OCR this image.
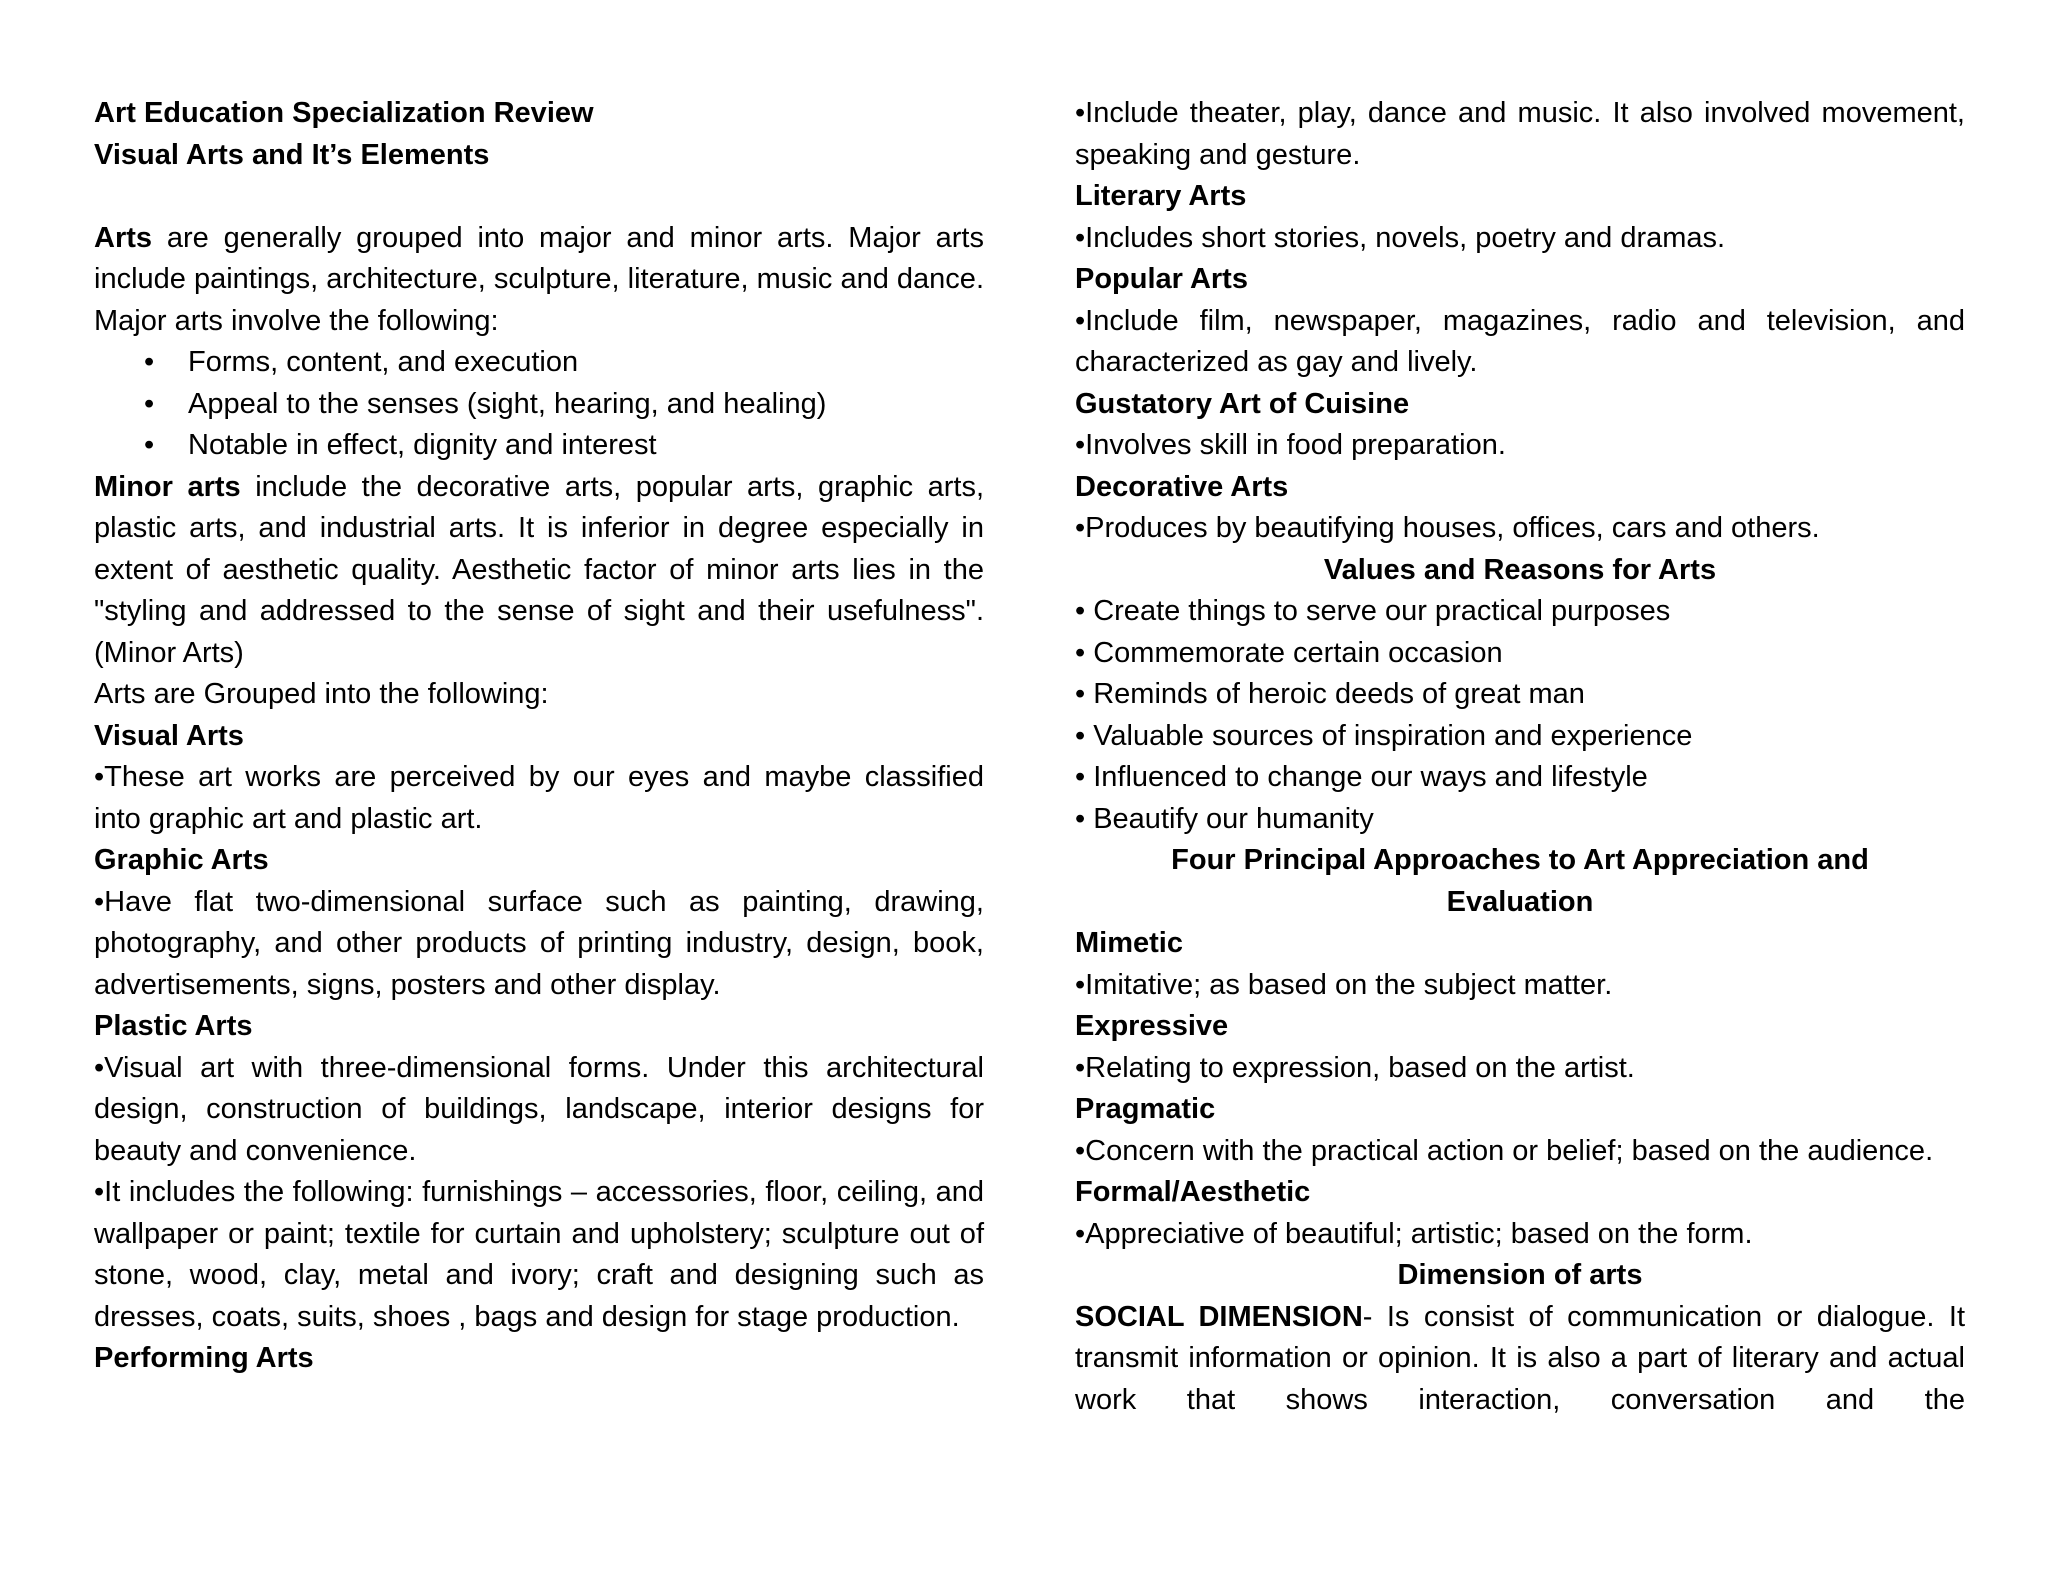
Art Education Specialization Review

Visual Arts and It’s Elements

Arts are generally grouped into major and minor arts. Major arts include paintings, architecture, sculpture, literature, music and dance. Major arts involve the following:

• Forms, content, and execution
• Appeal to the senses (sight, hearing, and healing)
• Notable in effect, dignity and interest

Minor arts include the decorative arts, popular arts, graphic arts, plastic arts, and industrial arts. It is inferior in degree especially in extent of aesthetic quality. Aesthetic factor of minor arts lies in the "styling and addressed to the sense of sight and their usefulness". (Minor Arts)

Arts are Grouped into the following:

Visual Arts

•These art works are perceived by our eyes and maybe classified into graphic art and plastic art.

Graphic Arts

•Have flat two-dimensional surface such as painting, drawing, photography, and other products of printing industry, design, book, advertisements, signs, posters and other display.

Plastic Arts

•Visual art with three-dimensional forms. Under this architectural design, construction of buildings, landscape, interior designs for beauty and convenience.

•It includes the following: furnishings – accessories, floor, ceiling, and wallpaper or paint; textile for curtain and upholstery; sculpture out of stone, wood, clay, metal and ivory; craft and designing such as dresses, coats, suits, shoes , bags and design for stage production.

Performing Arts

•Include theater, play, dance and music. It also involved movement, speaking and gesture.

Literary Arts

•Includes short stories, novels, poetry and dramas.

Popular Arts

•Include film, newspaper, magazines, radio and television, and characterized as gay and lively.

Gustatory Art of Cuisine

•Involves skill in food preparation.

Decorative Arts

•Produces by beautifying houses, offices, cars and others.

Values and Reasons for Arts

• Create things to serve our practical purposes

• Commemorate certain occasion

• Reminds of heroic deeds of great man

• Valuable sources of inspiration and experience

• Influenced to change our ways and lifestyle

• Beautify our humanity

Four Principal Approaches to Art Appreciation and Evaluation

Mimetic

•Imitative; as based on the subject matter.

Expressive

•Relating to expression, based on the artist.

Pragmatic

•Concern with the practical action or belief; based on the audience.

Formal/Aesthetic

•Appreciative of beautiful; artistic; based on the form.

Dimension of arts

SOCIAL DIMENSION- Is consist of communication or dialogue. It transmit information or opinion. It is also a part of literary and actual work that shows interaction, conversation and the
